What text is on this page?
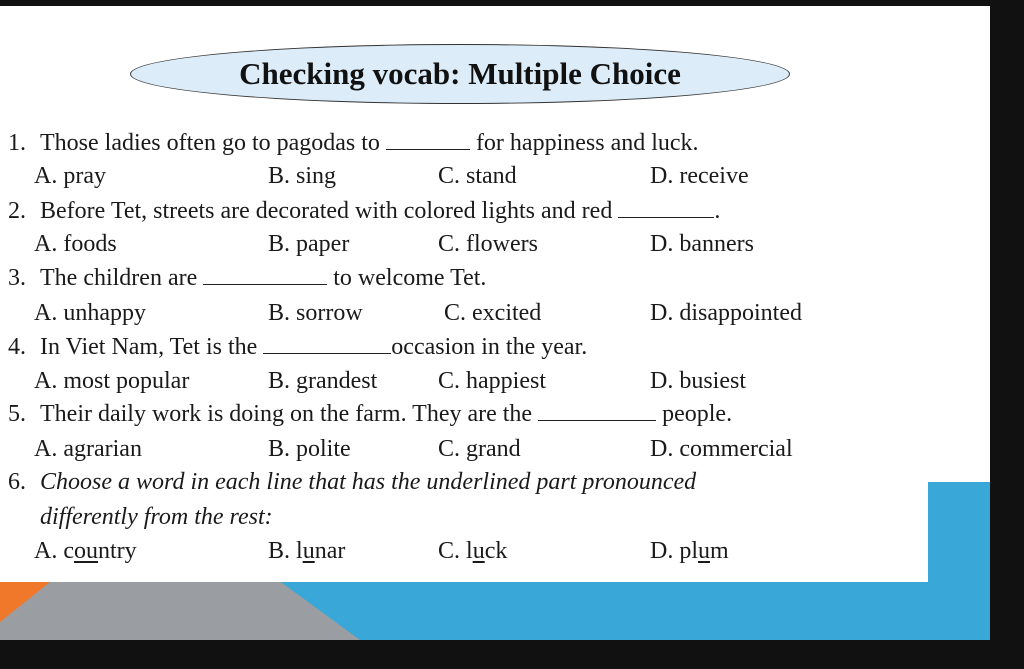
Checking vocab: Multiple Choice
1. Those ladies often go to pagodas to	for happiness and luck.
A. pray	B. sing	C. stand	D. receive
2. Before Tet, streets are decorated with colored lights and red	.
A. foods	B. paper	C. flowers	D. banners
3. The children are	to welcome Tet.
A. unhappy	B. sorrow	C. excited	D. disappointed
4. In Viet Nam, Tet is the	occasion in the year.
A. most popular	B. grandest	C. happiest	D. busiest
5. Their daily work is doing on the farm. They are the	people.
A. agrarian	B. polite	C. grand	D. commercial
6. Choose a word in each line that has the underlined part pronounced
differently from the rest:
A. country	B. lunar	C. luck	D. plum
